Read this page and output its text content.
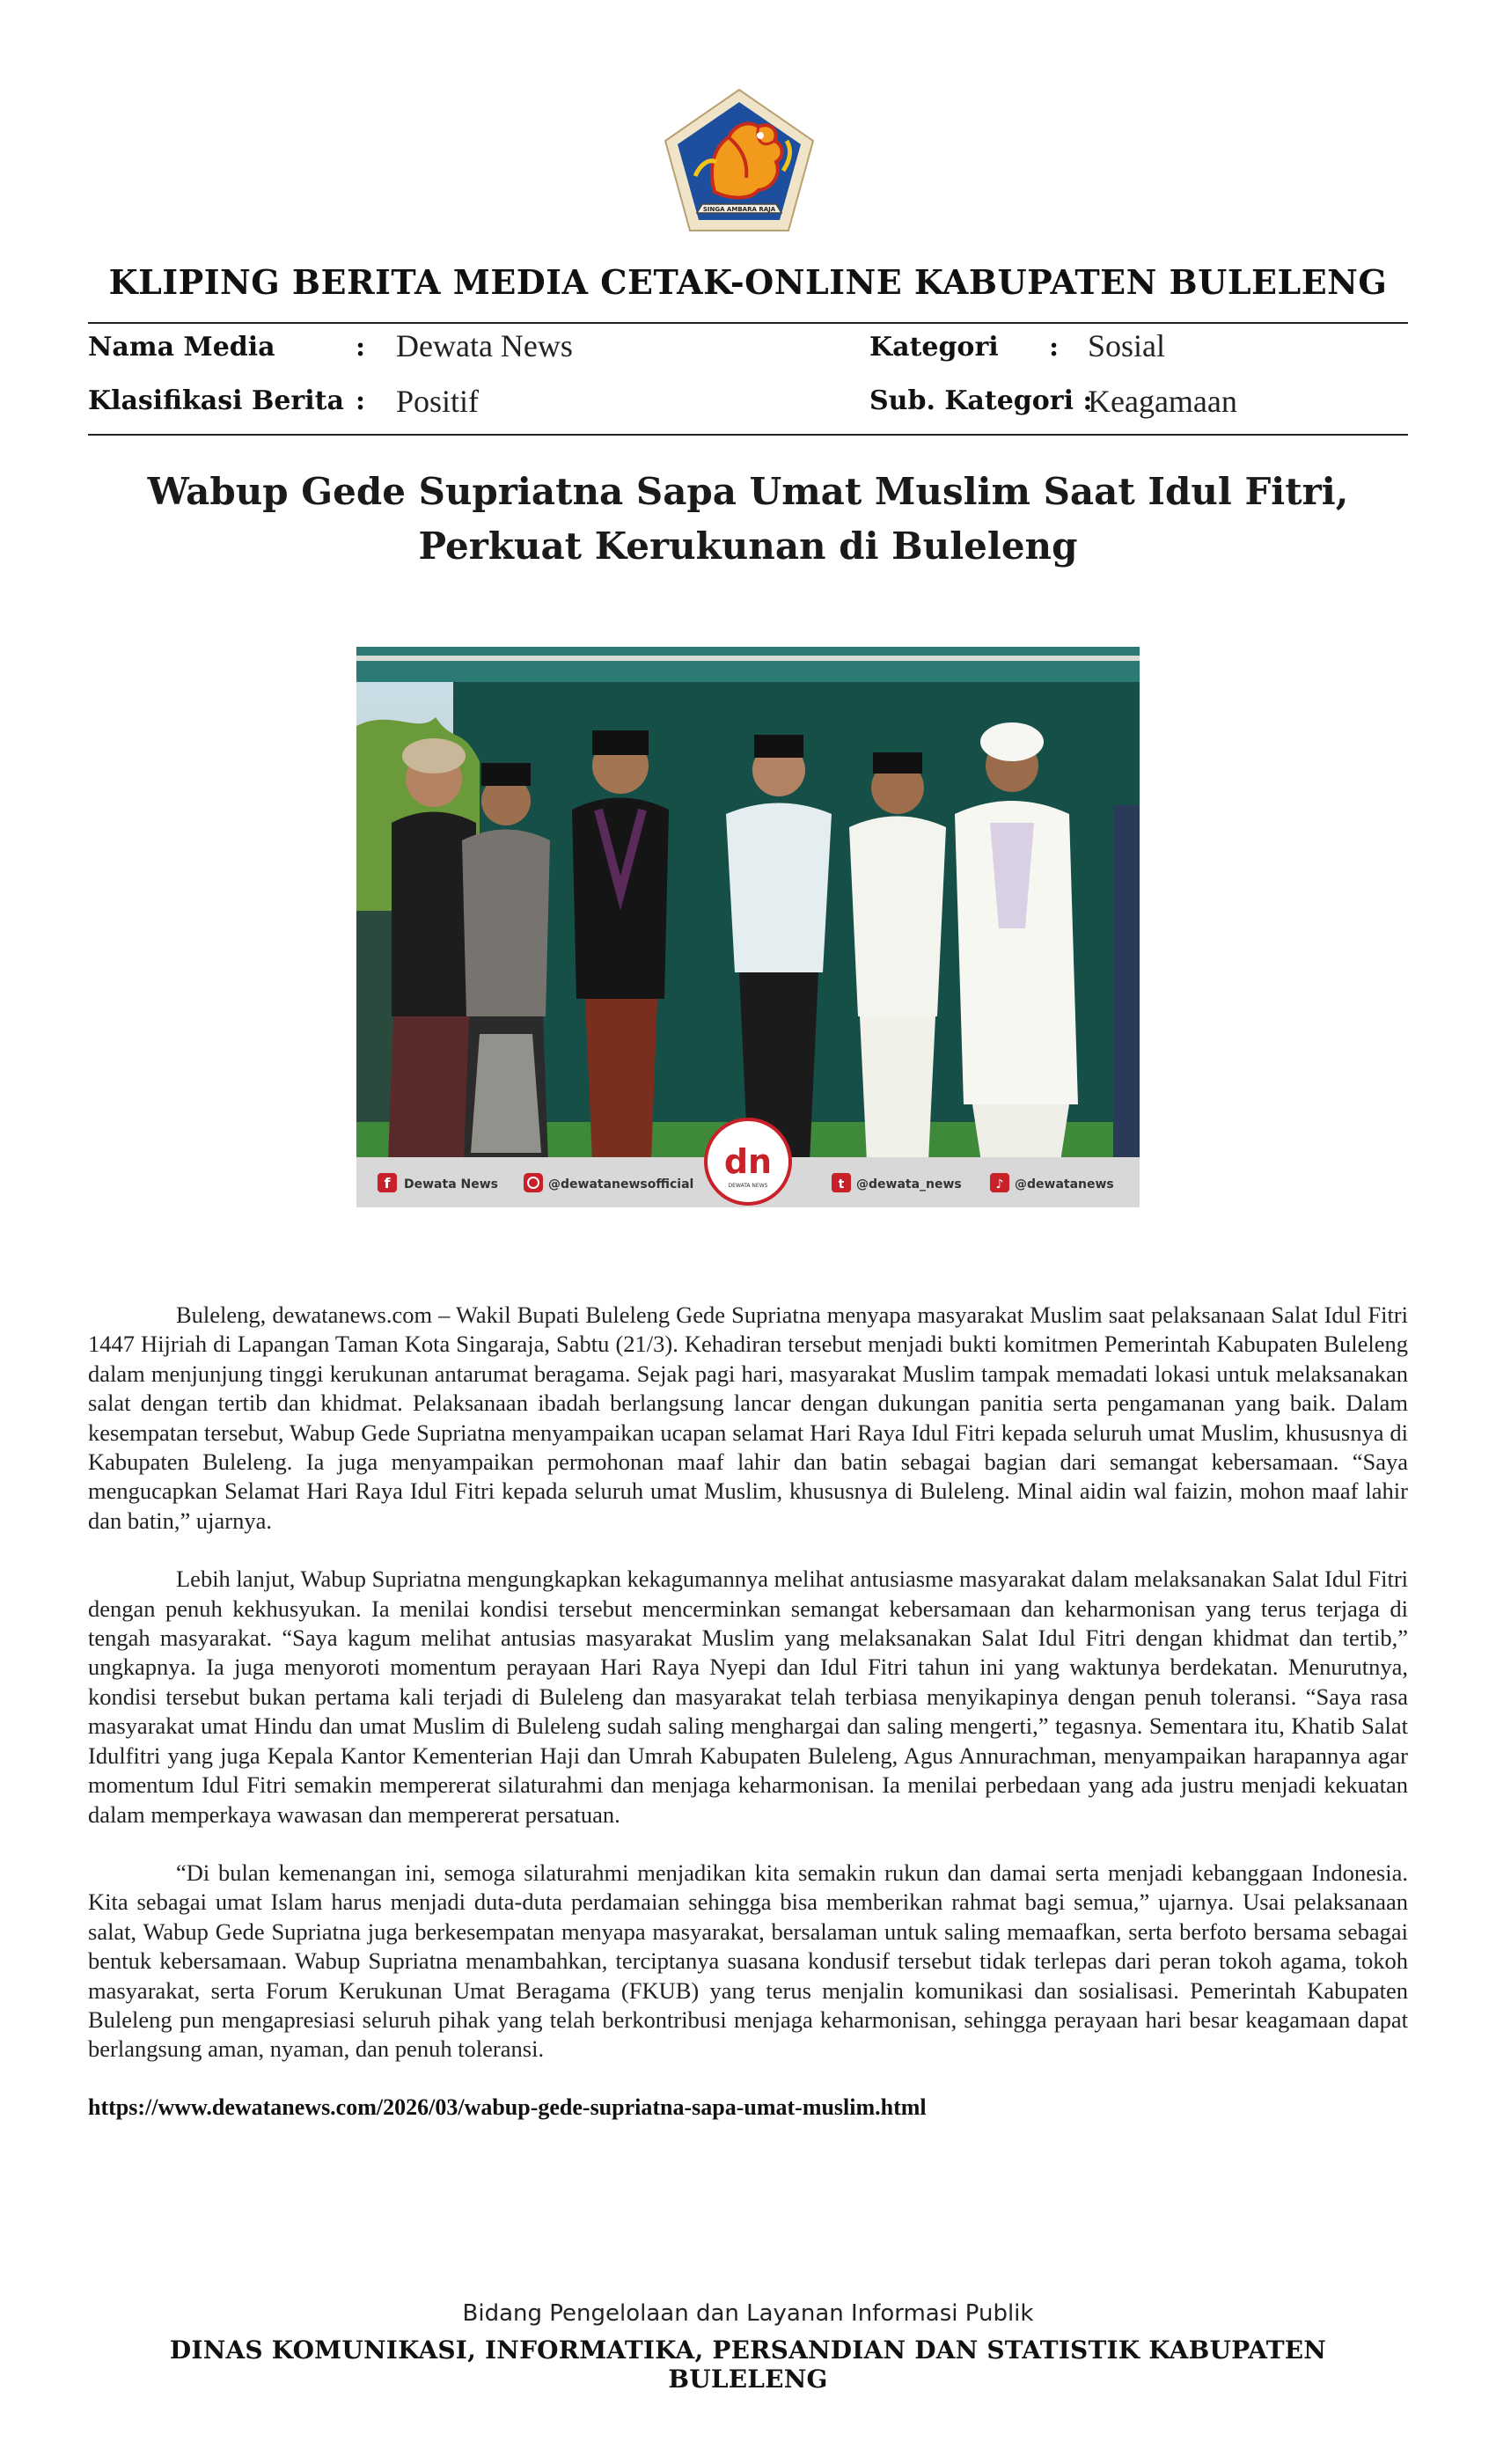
SINGA AMBARA RAJA
KLIPING BERITA MEDIA CETAK-ONLINE KABUPATEN BULELENG
Nama Media	: Dewata News
Klasifikasi Berita : Positif
Kategori : Sosial
Sub. Kategori :
Keagamaan
Wabup Gede Supriatna Sapa Umat Muslim Saat Idul Fitri,
Perkuat Kerukunan di Buleleng
f Dewata News	@dewatanewsofficial
dn
DEWATA NEWS	t @dewata_news	♪ @dewatanews

Buleleng, dewatanews.com – Wakil Bupati Buleleng Gede Supriatna menyapa masyarakat Muslim saat pelaksanaan Salat Idul Fitri 1447 Hijriah di Lapangan Taman Kota Singaraja, Sabtu (21/3). Kehadiran tersebut menjadi bukti komitmen Pemerintah Kabupaten Buleleng dalam menjunjung tinggi kerukunan antarumat beragama. Sejak pagi hari, masyarakat Muslim tampak memadati lokasi untuk melaksanakan salat dengan tertib dan khidmat. Pelaksanaan ibadah berlangsung lancar dengan dukungan panitia serta pengamanan yang baik. Dalam kesempatan tersebut, Wabup Gede Supriatna menyampaikan ucapan selamat Hari Raya Idul Fitri kepada seluruh umat Muslim, khususnya di Kabupaten Buleleng. Ia juga menyampaikan permohonan maaf lahir dan batin sebagai bagian dari semangat kebersamaan. “Saya mengucapkan Selamat Hari Raya Idul Fitri kepada seluruh umat Muslim, khususnya di Buleleng. Minal aidin wal faizin, mohon maaf lahir dan batin,” ujarnya.

Lebih lanjut, Wabup Supriatna mengungkapkan kekagumannya melihat antusiasme masyarakat dalam melaksanakan Salat Idul Fitri dengan penuh kekhusyukan. Ia menilai kondisi tersebut mencerminkan semangat kebersamaan dan keharmonisan yang terus terjaga di tengah masyarakat. “Saya kagum melihat antusias masyarakat Muslim yang melaksanakan Salat Idul Fitri dengan khidmat dan tertib,” ungkapnya. Ia juga menyoroti momentum perayaan Hari Raya Nyepi dan Idul Fitri tahun ini yang waktunya berdekatan. Menurutnya, kondisi tersebut bukan pertama kali terjadi di Buleleng dan masyarakat telah terbiasa menyikapinya dengan penuh toleransi. “Saya rasa masyarakat umat Hindu dan umat Muslim di Buleleng sudah saling menghargai dan saling mengerti,” tegasnya. Sementara itu, Khatib Salat Idulfitri yang juga Kepala Kantor Kementerian Haji dan Umrah Kabupaten Buleleng, Agus Annurachman, menyampaikan harapannya agar momentum Idul Fitri semakin mempererat silaturahmi dan menjaga keharmonisan. Ia menilai perbedaan yang ada justru menjadi kekuatan dalam memperkaya wawasan dan mempererat persatuan.

“Di bulan kemenangan ini, semoga silaturahmi menjadikan kita semakin rukun dan damai serta menjadi kebanggaan Indonesia. Kita sebagai umat Islam harus menjadi duta-duta perdamaian sehingga bisa memberikan rahmat bagi semua,” ujarnya. Usai pelaksanaan salat, Wabup Gede Supriatna juga berkesempatan menyapa masyarakat, bersalaman untuk saling memaafkan, serta berfoto bersama sebagai bentuk kebersamaan. Wabup Supriatna menambahkan, terciptanya suasana kondusif tersebut tidak terlepas dari peran tokoh agama, tokoh masyarakat, serta Forum Kerukunan Umat Beragama (FKUB) yang terus menjalin komunikasi dan sosialisasi. Pemerintah Kabupaten Buleleng pun mengapresiasi seluruh pihak yang telah berkontribusi menjaga keharmonisan, sehingga perayaan hari besar keagamaan dapat berlangsung aman, nyaman, dan penuh toleransi.

https://www.dewatanews.com/2026/03/wabup-gede-supriatna-sapa-umat-muslim.html
Bidang Pengelolaan dan Layanan Informasi Publik
DINAS KOMUNIKASI, INFORMATIKA, PERSANDIAN DAN STATISTIK KABUPATEN BULELENG
